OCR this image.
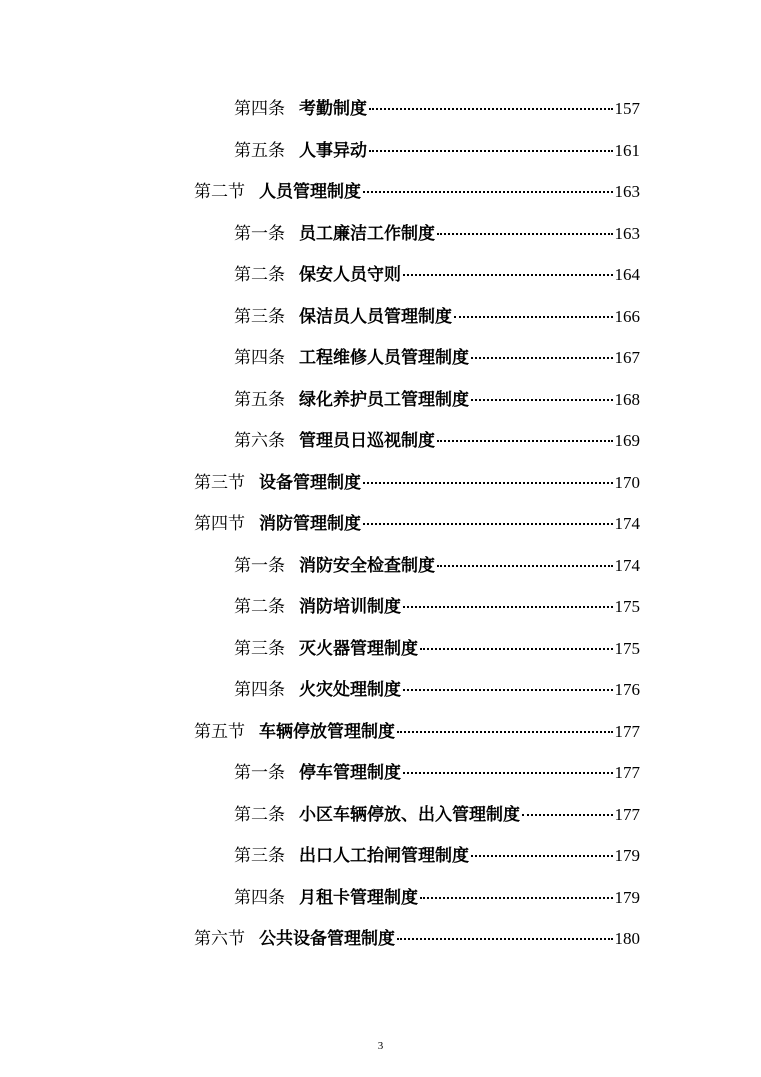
第四条 考勤制度	157
第五条 人事异动	161
第二节 人员管理制度	163
第一条 员工廉洁工作制度	163
第二条 保安人员守则	164
第三条 保洁员人员管理制度	166
第四条 工程维修人员管理制度	167
第五条 绿化养护员工管理制度	168
第六条 管理员日巡视制度	169
第三节 设备管理制度	170
第四节 消防管理制度	174
第一条 消防安全检查制度	174
第二条 消防培训制度	175
第三条 灭火器管理制度	175
第四条 火灾处理制度	176
第五节 车辆停放管理制度	177
第一条 停车管理制度	177
第二条 小区车辆停放、出入管理制度	177
第三条 出口人工抬闸管理制度	179
第四条 月租卡管理制度	179
第六节 公共设备管理制度	180
3
